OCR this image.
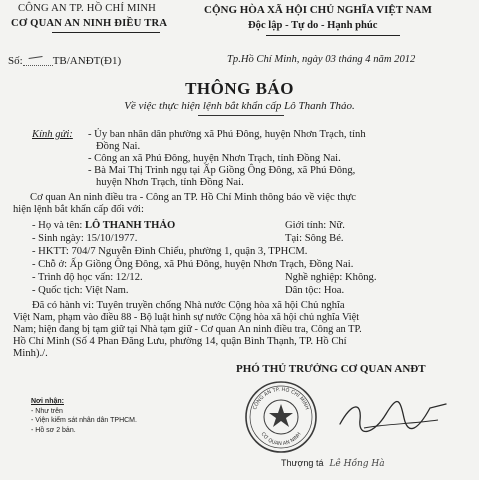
CÔNG AN TP. HỒ CHÍ MINH
CƠ QUAN AN NINH ĐIỀU TRA
CỘNG HÒA XÃ HỘI CHỦ NGHĨA VIỆT NAM
Độc lập - Tự do - Hạnh phúc
Số:	TB/ANĐT(Đ1)	Tp.Hồ Chí Minh, ngày 03 tháng 4 năm 2012
THÔNG BÁO
Về việc thực hiện lệnh bắt khẩn cấp Lô Thanh Thảo.
Kính gửi: - Ủy ban nhân dân phường xã Phú Đông, huyện Nhơn Trạch, tỉnh
Đồng Nai.
- Công an xã Phú Đông, huyện Nhơn Trạch, tỉnh Đồng Nai.
- Bà Mai Thị Trinh ngụ tại Ấp Giồng Ông Đông, xã Phú Đông,
huyện Nhơn Trạch, tỉnh Đồng Nai.
Cơ quan An ninh điều tra - Công an TP. Hồ Chí Minh thông báo về việc thực
hiện lệnh bắt khẩn cấp đối với:
- Họ và tên: LÔ THANH THẢO	Giới tính: Nữ.
- Sinh ngày: 15/10/1977.	Tại: Sông Bé.
- HKTT: 704/7 Nguyễn Đình Chiểu, phường 1, quận 3, TPHCM.
- Chỗ ở: Ấp Giồng Ông Đông, xã Phú Đông, huyện Nhơn Trạch, Đồng Nai.
- Trình độ học vấn: 12/12.	Nghề nghiệp: Không.
- Quốc tịch: Việt Nam.	Dân tộc: Hoa.
Đã có hành vi: Tuyên truyền chống Nhà nước Cộng hòa xã hội Chủ nghĩa
Việt Nam, phạm vào điều 88 - Bộ luật hình sự nước Cộng hòa xã hội chủ nghĩa Việt
Nam; hiện đang bị tạm giữ tại Nhà tạm giữ - Cơ quan An ninh điều tra, Công an TP.
Hồ Chí Minh (Số 4 Phan Đăng Lưu, phường 14, quận Bình Thạnh, TP. Hồ Chí
Minh)./.
PHÓ THỦ TRƯỞNG CƠ QUAN ANĐT
CÔNG AN TP. HỒ CHÍ MINH
CƠ QUAN AN NINH
Thượng tá Lê Hồng Hà
Nơi nhận:
- Như trên
- Viện kiểm sát nhân dân TPHCM.
- Hồ sơ 2 bản.
